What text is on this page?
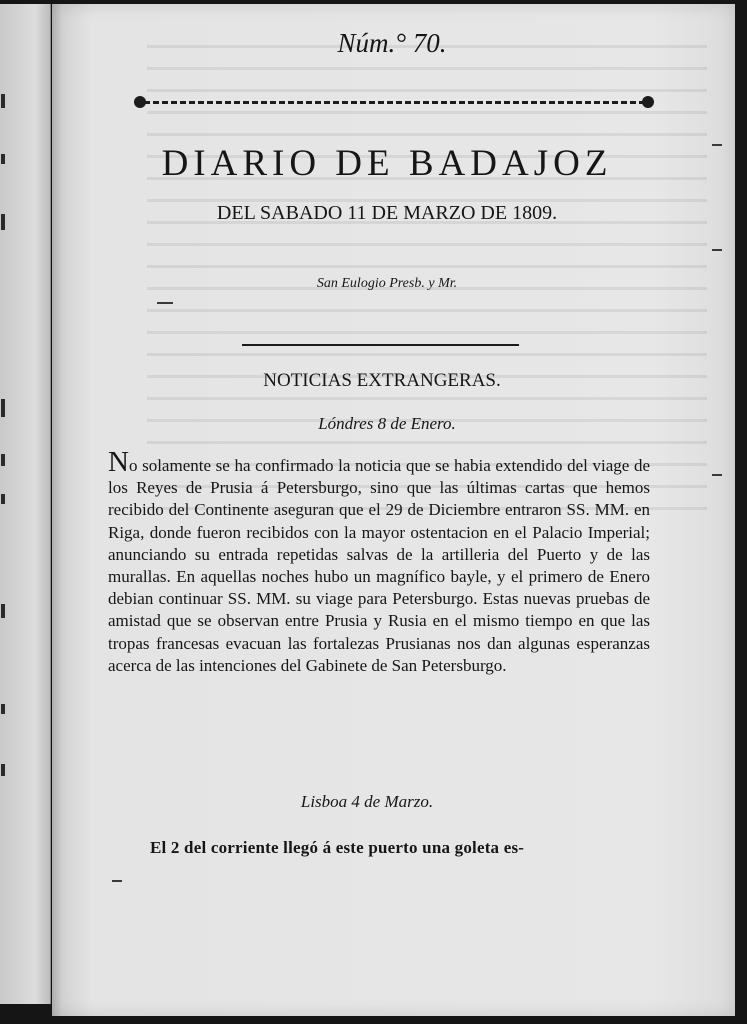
Núm.° 70.
DIARIO DE BADAJOZ
DEL SABADO 11 DE MARZO DE 1809.
San Eulogio Presb. y Mr.
NOTICIAS EXTRANGERAS.
Lóndres 8 de Enero.
No solamente se ha confirmado la noticia que se habia extendido del viage de los Reyes de Prusia á Petersburgo, sino que las últimas cartas que hemos recibido del Continente aseguran que el 29 de Diciembre entraron SS. MM. en Riga, donde fueron recibidos con la mayor ostentacion en el Palacio Imperial; anunciando su entrada repetidas salvas de la artilleria del Puerto y de las murallas. En aquellas noches hubo un magnífico bayle, y el primero de Enero debian continuar SS. MM. su viage para Petersburgo. Estas nuevas pruebas de amistad que se observan entre Prusia y Rusia en el mismo tiempo en que las tropas francesas evacuan las fortalezas Prusianas nos dan algunas esperanzas acerca de las intenciones del Gabinete de San Petersburgo.
Lisboa 4 de Marzo.
El 2 del corriente llegó á este puerto una goleta es-
